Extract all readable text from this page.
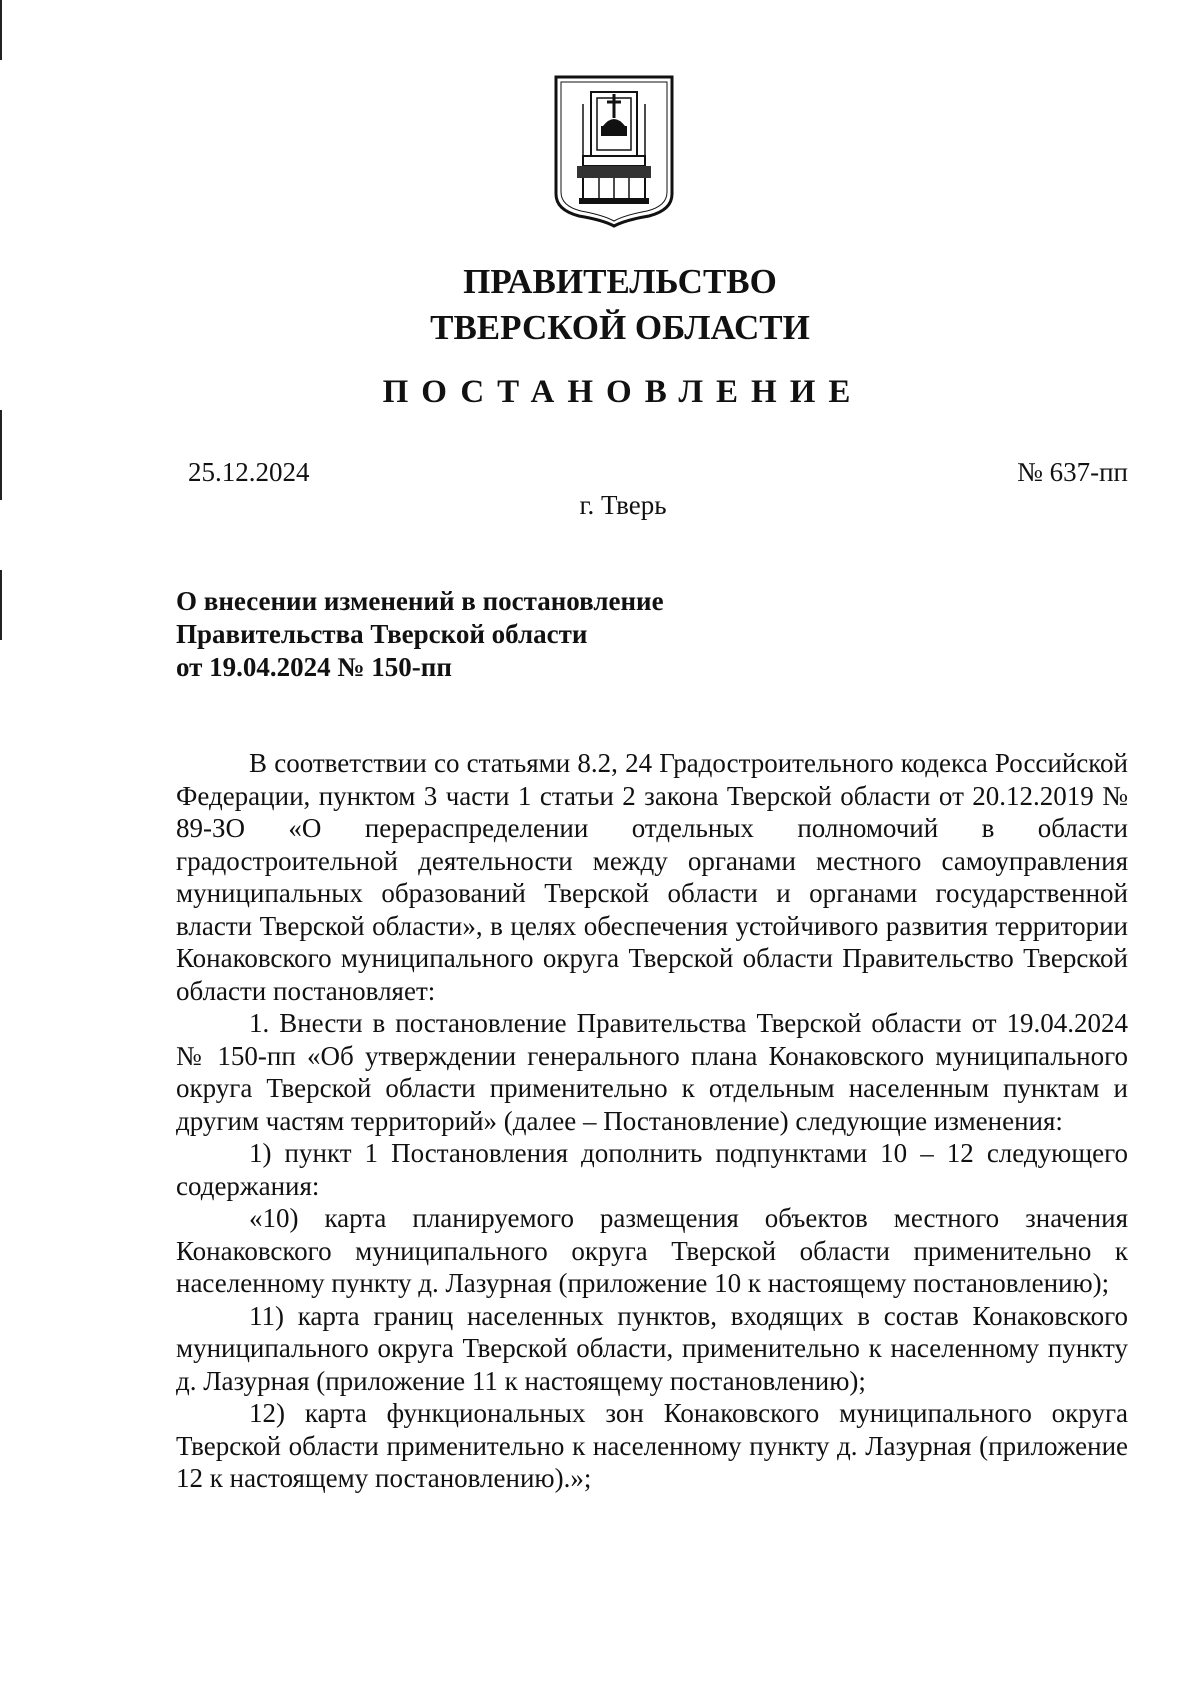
ПРАВИТЕЛЬСТВО
ТВЕРСКОЙ ОБЛАСТИ
ПОСТАНОВЛЕНИЕ
25.12.2024	№ 637-пп
г. Тверь
О внесении изменений в постановление
Правительства Тверской области
от 19.04.2024 № 150-пп

В соответствии со статьями 8.2, 24 Градостроительного кодекса Российской Федерации, пунктом 3 части 1 статьи 2 закона Тверской области от 20.12.2019 № 89-ЗО «О перераспределении отдельных полномочий в области градостроительной деятельности между органами местного самоуправления муниципальных образований Тверской области и органами государственной власти Тверской области», в целях обеспечения устойчивого развития территории Конаковского муниципального округа Тверской области Правительство Тверской области постановляет:

1. Внести в постановление Правительства Тверской области от 19.04.2024 № 150-пп «Об утверждении генерального плана Конаковского муниципального округа Тверской области применительно к отдельным населенным пунктам и другим частям территорий» (далее – Постановление) следующие изменения:

1) пункт 1 Постановления дополнить подпунктами 10 – 12 следующего содержания:

«10) карта планируемого размещения объектов местного значения Конаковского муниципального округа Тверской области применительно к населенному пункту д. Лазурная (приложение 10 к настоящему постановлению);

11) карта границ населенных пунктов, входящих в состав Конаковского муниципального округа Тверской области, применительно к населенному пункту д. Лазурная (приложение 11 к настоящему постановлению);

12) карта функциональных зон Конаковского муниципального округа Тверской области применительно к населенному пункту д. Лазурная (приложение 12 к настоящему постановлению).»;
